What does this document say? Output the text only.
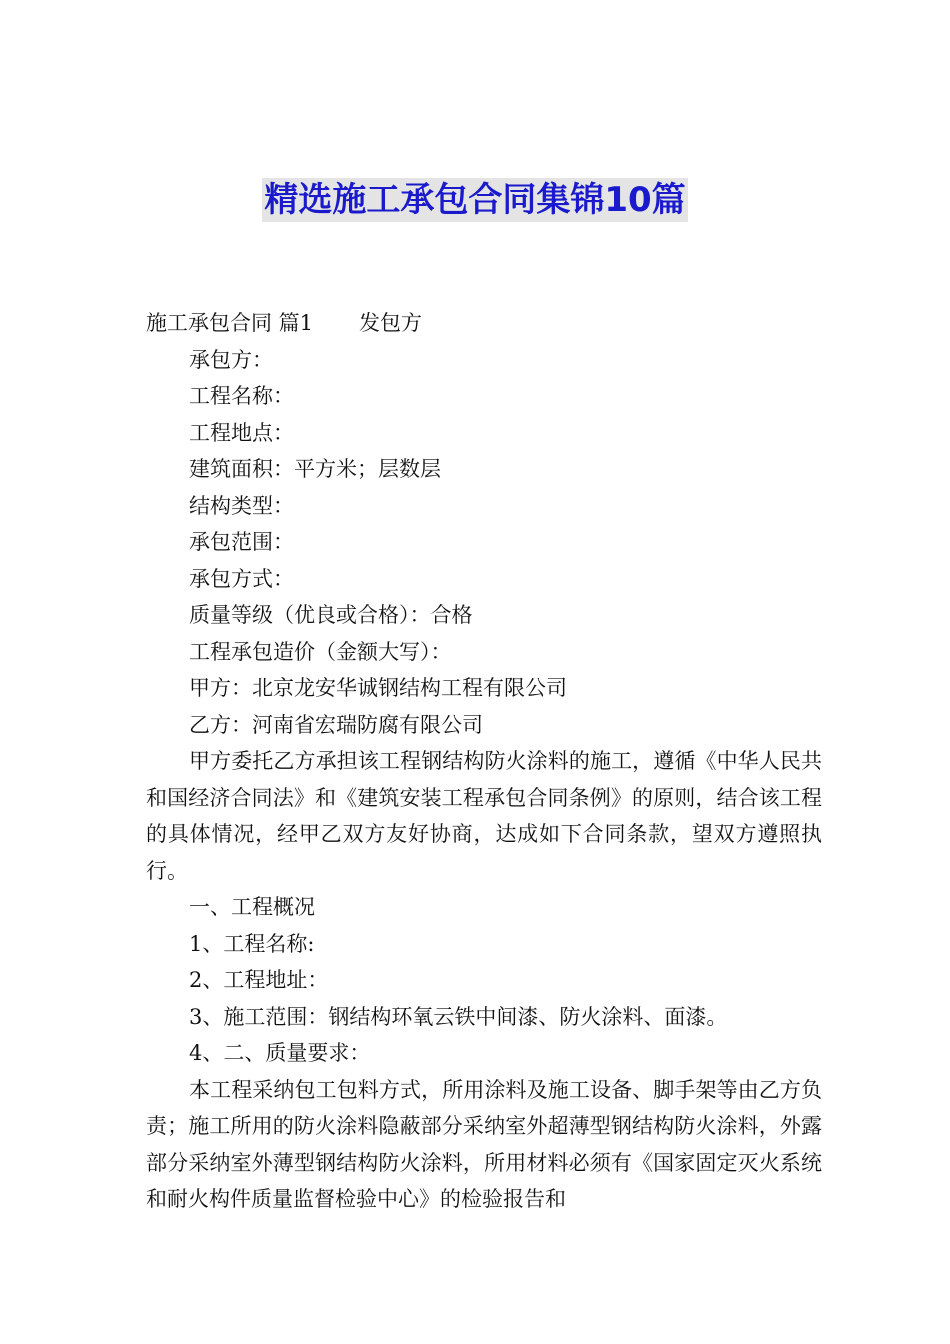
精选施工承包合同集锦10篇
施工承包合同 篇1 发包方
承包方：
工程名称：
工程地点：
建筑面积：平方米；层数层
结构类型：
承包范围：
承包方式：
质量等级（优良或合格）：合格
工程承包造价（金额大写）：
甲方：北京龙安华诚钢结构工程有限公司
乙方：河南省宏瑞防腐有限公司
甲方委托乙方承担该工程钢结构防火涂料的施工，遵循《中华人民共和国经济合同法》和《建筑安装工程承包合同条例》的原则，结合该工程的具体情况，经甲乙双方友好协商，达成如下合同条款，望双方遵照执行。
一、工程概况
1、工程名称:
2、工程地址：
3、施工范围：钢结构环氧云铁中间漆、防火涂料、面漆。
4、二、质量要求：
本工程采纳包工包料方式，所用涂料及施工设备、脚手架等由乙方负责；施工所用的防火涂料隐蔽部分采纳室外超薄型钢结构防火涂料，外露部分采纳室外薄型钢结构防火涂料，所用材料必须有《国家固定灭火系统和耐火构件质量监督检验中心》的检验报告和
